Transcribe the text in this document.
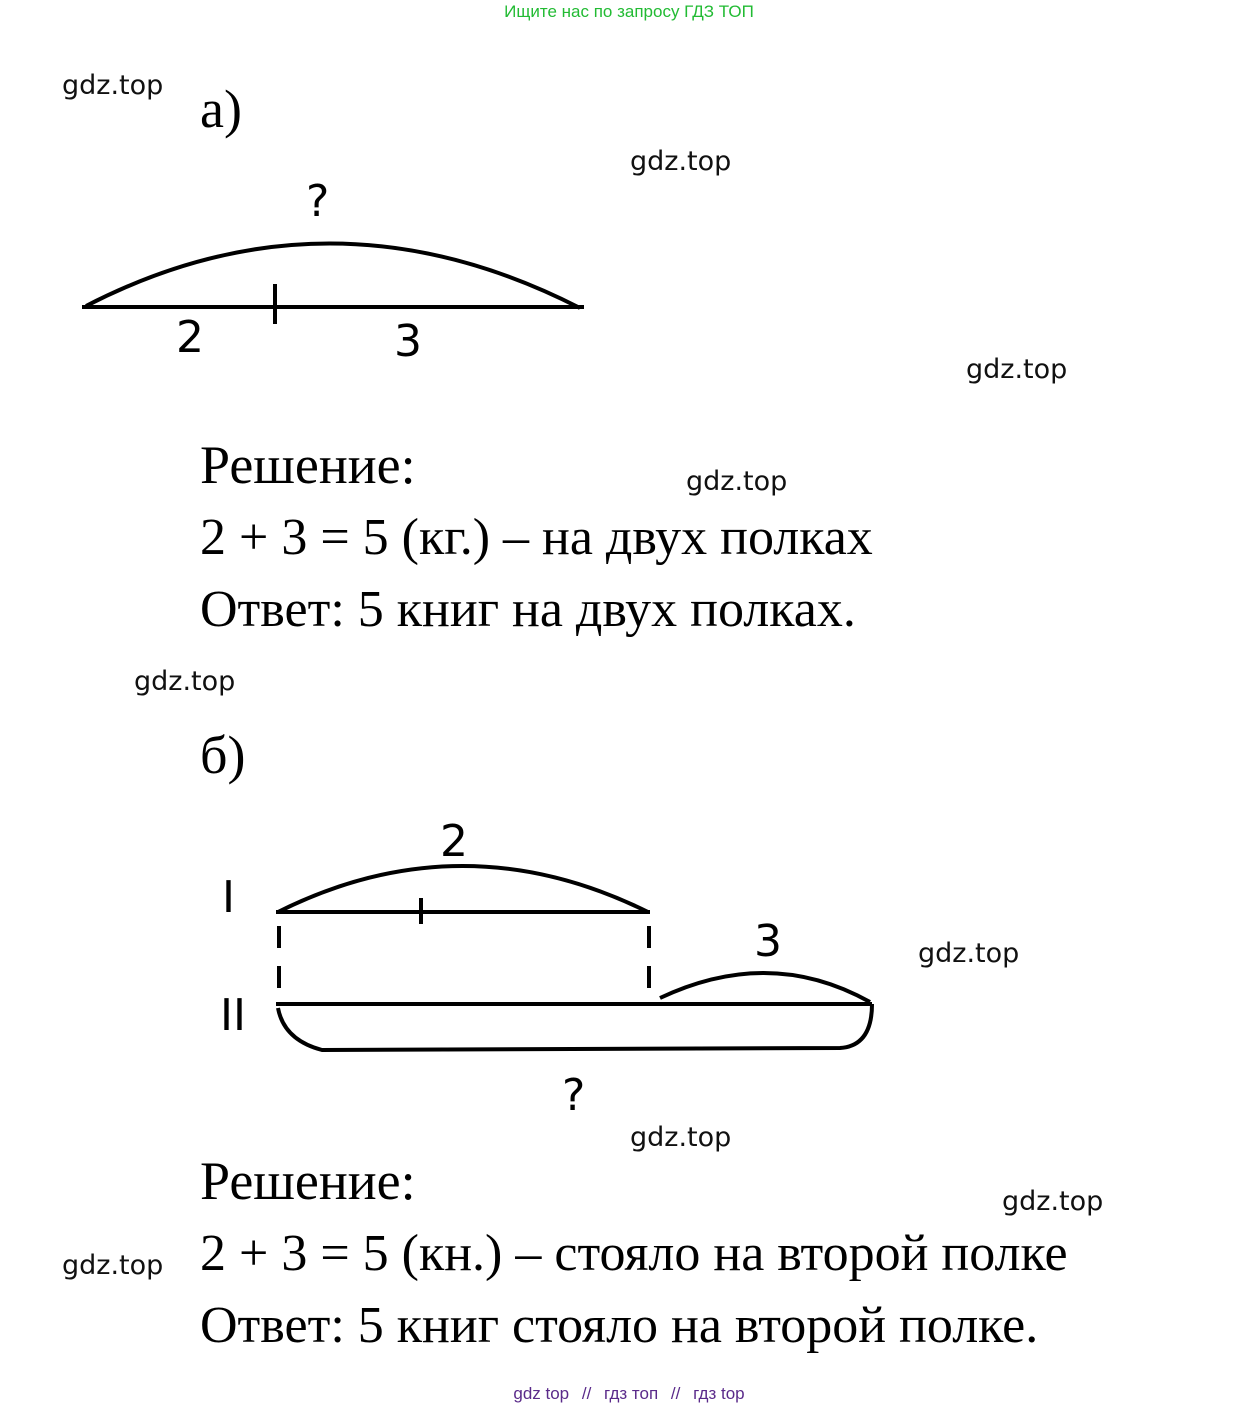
Ищите нас по запросу ГДЗ ТОП
gdz.top
gdz.top
gdz.top
gdz.top
gdz.top
gdz.top
gdz.top
gdz.top
gdz.top
а)
?
2	3
Решение:
2 + 3 = 5 (кг.) – на двух полках
Ответ: 5 книг на двух полках.
б)
I
II
2
3
?
Решение:
2 + 3 = 5 (кн.) – стояло на второй полке
Ответ: 5 книг стояло на второй полке.
gdz top // гдз топ // гдз top
